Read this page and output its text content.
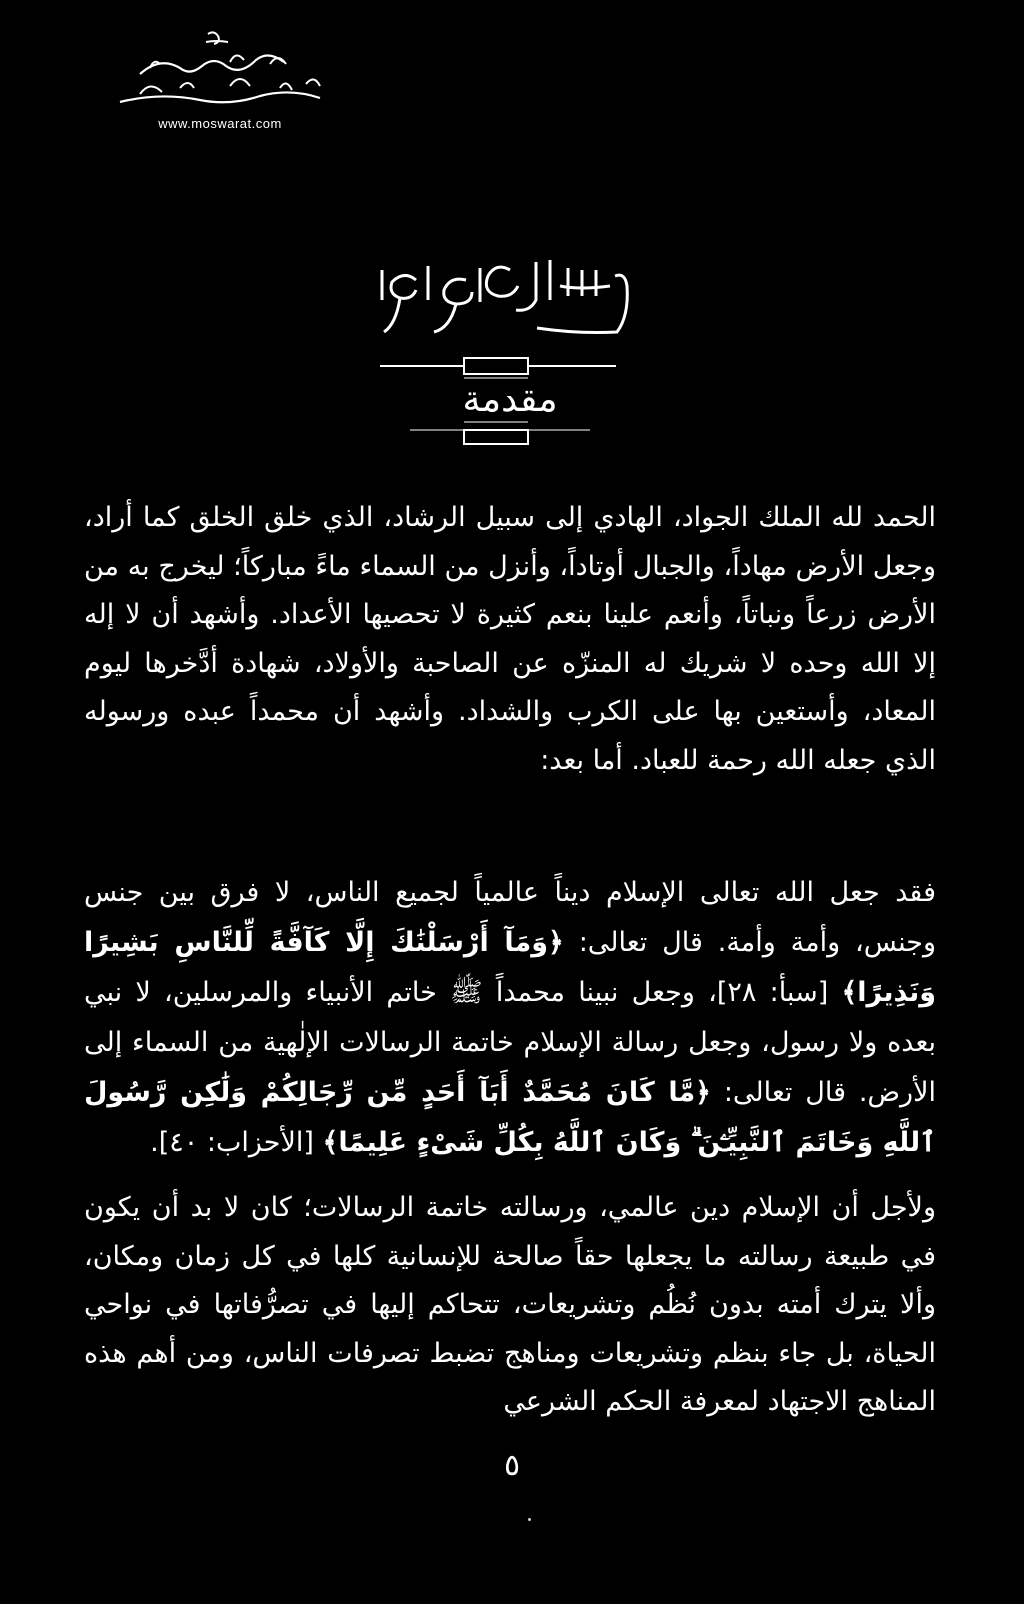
www.moswarat.com
مقدمة
الحمد لله الملك الجواد، الهادي إلى سبيل الرشاد، الذي خلق الخلق كما أراد، وجعل الأرض مهاداً، والجبال أوتاداً، وأنزل من السماء ماءً مباركاً؛ ليخرج به من الأرض زرعاً ونباتاً، وأنعم علينا بنعم كثيرة لا تحصيها الأعداد. وأشهد أن لا إله إلا الله وحده لا شريك له المنزّه عن الصاحبة والأولاد، شهادة أدَّخرها ليوم المعاد، وأستعين بها على الكرب والشداد. وأشهد أن محمداً عبده ورسوله الذي جعله الله رحمة للعباد. أما بعد:
فقد جعل الله تعالى الإسلام ديناً عالمياً لجميع الناس، لا فرق بين جنس وجنس، وأمة وأمة. قال تعالى: ﴿وَمَآ أَرْسَلْنَٰكَ إِلَّا كَآفَّةً لِّلنَّاسِ بَشِيرًا وَنَذِيرًا﴾ [سبأ: ٢٨]، وجعل نبينا محمداً ﷺ خاتم الأنبياء والمرسلين، لا نبي بعده ولا رسول، وجعل رسالة الإسلام خاتمة الرسالات الإلٰهية من السماء إلى الأرض. قال تعالى: ﴿مَّا كَانَ مُحَمَّدٌ أَبَآ أَحَدٍ مِّن رِّجَالِكُمْ وَلَٰكِن رَّسُولَ ٱللَّهِ وَخَاتَمَ ٱلنَّبِيِّـۧنَ ۗ وَكَانَ ٱللَّهُ بِكُلِّ شَىْءٍ عَلِيمًا﴾ [الأحزاب: ٤٠].
ولأجل أن الإسلام دين عالمي، ورسالته خاتمة الرسالات؛ كان لا بد أن يكون في طبيعة رسالته ما يجعلها حقاً صالحة للإنسانية كلها في كل زمان ومكان، وألا يترك أمته بدون نُظُم وتشريعات، تتحاكم إليها في تصرُّفاتها في نواحي الحياة، بل جاء بنظم وتشريعات ومناهج تضبط تصرفات الناس، ومن أهم هذه المناهج الاجتهاد لمعرفة الحكم الشرعي
٥
